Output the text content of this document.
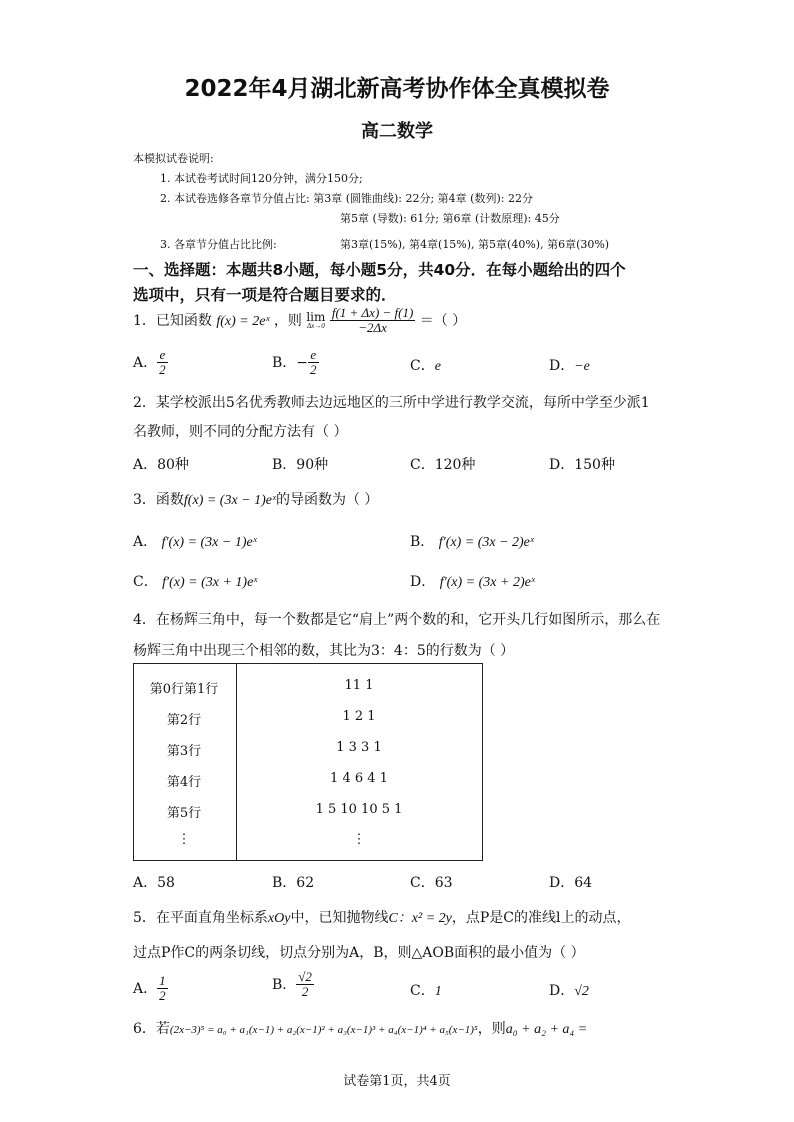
2022年4月湖北新高考协作体全真模拟卷
高二数学
本模拟试卷说明:
1. 本试卷考试时间120分钟，满分150分;
2. 本试卷选修各章节分值占比: 第3章 (圆锥曲线): 22分; 第4章 (数列): 22分
第5章 (导数): 61分; 第6章 (计数原理): 45分
3. 各章节分值占比比例:	第3章(15%), 第4章(15%), 第5章(40%), 第6章(30%)
一、选择题：本题共8小题，每小题5分，共40分．在每小题给出的四个
选项中，只有一项是符合题目要求的．
1．已知函数 f(x) = 2eˣ ，则 lim
Δx→0
$\frac{f(1 + \Delta x) - f(1)}{-2\Delta x}$ ＝（ ）
A． $\frac{e}{2}$	B．− $\frac{e}{2}$	C．e	D．−e
2．某学校派出5名优秀教师去边远地区的三所中学进行教学交流，每所中学至少派1
名教师，则不同的分配方法有（ ）
A．80种	B．90种	C．120种	D．150种
3．函数f(x) = (3x − 1)eˣ的导函数为（ ）
A． f′(x) = (3x − 1)eˣ	B． f′(x) = (3x − 2)eˣ
C． f′(x) = (3x + 1)eˣ	D． f′(x) = (3x + 2)eˣ
4．在杨辉三角中，每一个数都是它“肩上”两个数的和，它开头几行如图所示，那么在
杨辉三角中出现三个相邻的数，其比为3：4：5的行数为（ ）

第0行第1行	11 1
第2行	1 2 1
第3行	1 3 3 1
第4行	1 4 6 4 1
第5行	1 5 10 10 5 1
⋮	⋮
A．58	B．62	C．63	D．64
5．在平面直角坐标系xOy中，已知抛物线C：x² = 2y，点P是C的准线l上的动点，
过点P作C的两条切线，切点分别为A，B，则△AOB面积的最小值为（ ）
A． $\frac{1}{2}$	B． $\frac{√2}{2}$	C．1	D．√2
6．若(2x−3)⁵ = a₀ + a₁(x−1) + a₂(x−1)² + a₃(x−1)³ + a₄(x−1)⁴ + a₅(x−1)⁵，则a₀ + a₂ + a₄ =
试卷第1页，共4页
